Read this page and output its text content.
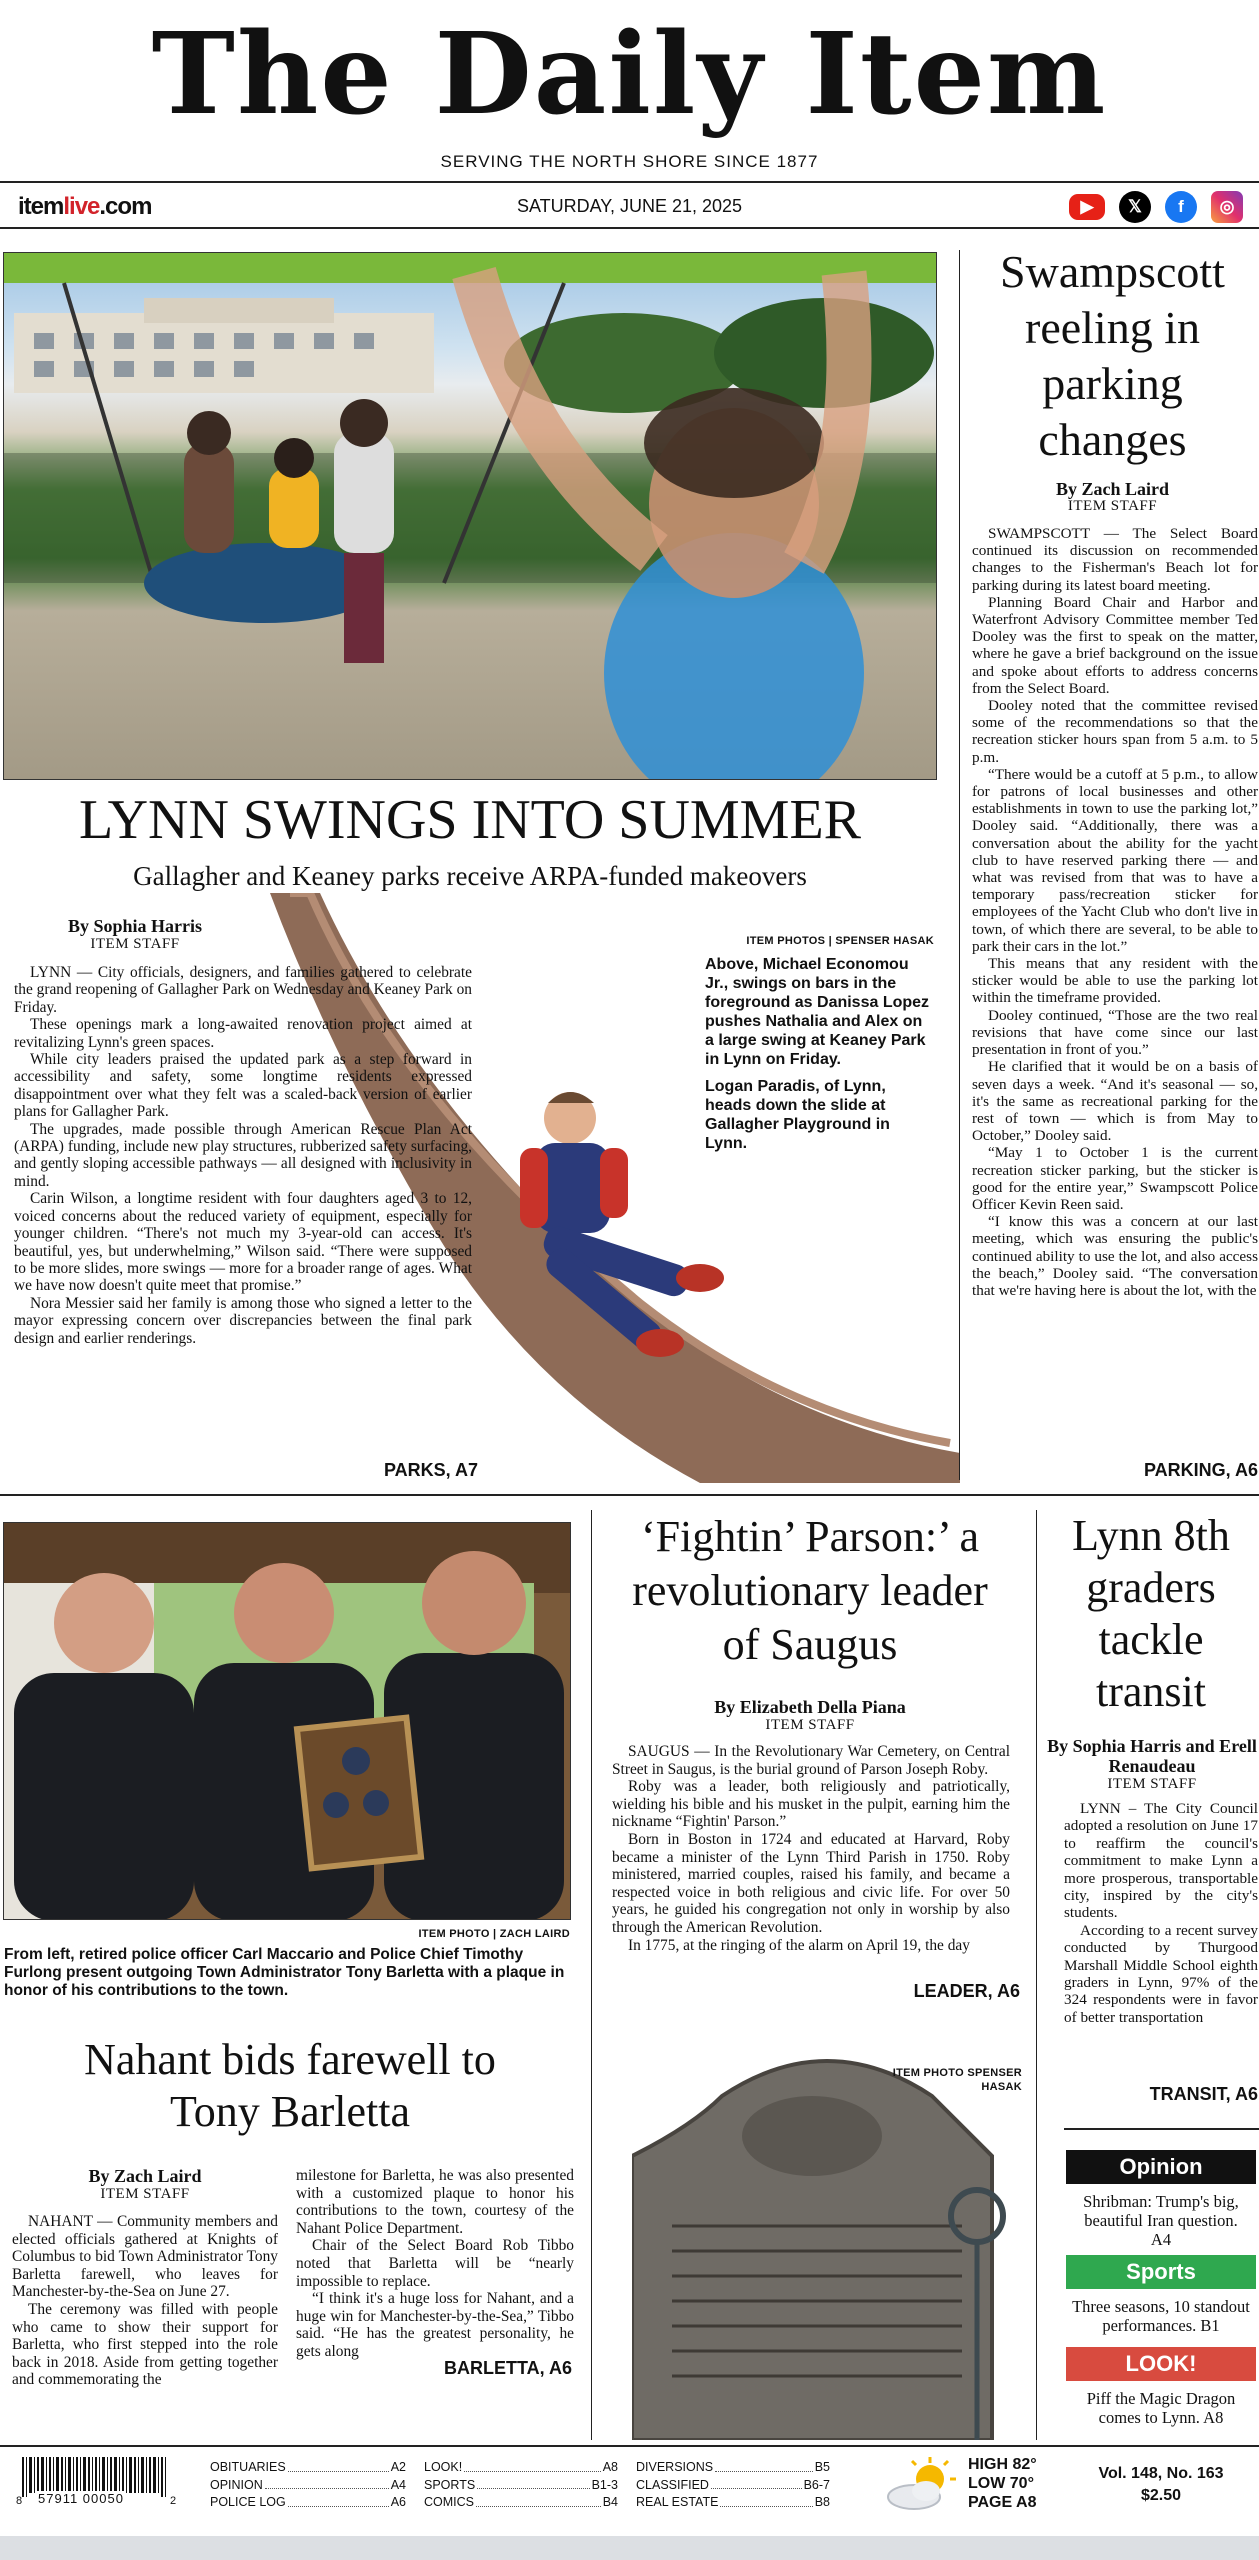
The Daily Item
SERVING THE NORTH SHORE SINCE 1877
itemlive.com	SATURDAY, JUNE 21, 2025	▶	𝕏	f	◎
LYNN SWINGS INTO SUMMER
Gallagher and Keaney parks receive ARPA-funded makeovers
By Sophia Harris
ITEM STAFF

LYNN — City officials, designers, and families gathered to celebrate the grand reopening of Gallagher Park on Wednesday and Keaney Park on Friday.

These openings mark a long-awaited renovation project aimed at revitalizing Lynn's green spaces.

While city leaders praised the updated park as a step forward in accessibility and safety, some longtime residents expressed disappointment over what they felt was a scaled-back version of earlier plans for Gallagher Park.

The upgrades, made possible through American Rescue Plan Act (ARPA) funding, include new play structures, rubberized safety surfacing, and gently sloping accessible pathways — all designed with inclusivity in mind.

Carin Wilson, a longtime resident with four daughters aged 3 to 12, voiced concerns about the reduced variety of equipment, especially for younger children. “There's not much my 3-year-old can access. It's beautiful, yes, but underwhelming,” Wilson said. “There were supposed to be more slides, more swings — more for a broader range of ages. What we have now doesn't quite meet that promise.”

Nora Messier said her family is among those who signed a letter to the mayor expressing concern over discrepancies between the final park design and earlier renderings.

ITEM PHOTOS | SPENSER HASAK
Above, Michael Economou Jr., swings on bars in the foreground as Danissa Lopez pushes Nathalia and Alex on a large swing at Keaney Park in Lynn on Friday.
Logan Paradis, of Lynn, heads down the slide at Gallagher Playground in Lynn.
PARKS, A7
Swampscott reeling in parking changes
By Zach Laird
ITEM STAFF

SWAMPSCOTT — The Select Board continued its discussion on recommended changes to the Fisherman's Beach lot for parking during its latest board meeting.

Planning Board Chair and Harbor and Waterfront Advisory Committee member Ted Dooley was the first to speak on the matter, where he gave a brief background on the issue and spoke about efforts to address concerns from the Select Board.

Dooley noted that the committee revised some of the recommendations so that the recreation sticker hours span from 5 a.m. to 5 p.m.

“There would be a cutoff at 5 p.m., to allow for patrons of local businesses and other establishments in town to use the parking lot,” Dooley said. “Additionally, there was a conversation about the ability for the yacht club to have reserved parking there — and what was revised from that was to have a temporary pass/recreation sticker for employees of the Yacht Club who don't live in town, of which there are several, to be able to park their cars in the lot.”

This means that any resident with the sticker would be able to use the parking lot within the timeframe provided.

Dooley continued, “Those are the two real revisions that have come since our last presentation in front of you.”

He clarified that it would be on a basis of seven days a week. “And it's seasonal — so, it's the same as recreational parking for the rest of town — which is from May to October,” Dooley said.

“May 1 to October 1 is the current recreation sticker parking, but the sticker is good for the entire year,” Swampscott Police Officer Kevin Reen said.

“I know this was a concern at our last meeting, which was ensuring the public's continued ability to use the lot, and also access the beach,” Dooley said. “The conversation that we're having here is about the lot, with the

PARKING, A6
ITEM PHOTO | ZACH LAIRD
From left, retired police officer Carl Maccario and Police Chief Timothy Furlong present outgoing Town Administrator Tony Barletta with a plaque in honor of his contributions to the town.
Nahant bids farewell to Tony Barletta
By Zach Laird
ITEM STAFF

NAHANT — Community members and elected officials gathered at Knights of Columbus to bid Town Administrator Tony Barletta farewell, who leaves for Manchester-by-the-Sea on June 27.

The ceremony was filled with people who came to show their support for Barletta, who first stepped into the role back in 2018. Aside from getting together and commemorating the

milestone for Barletta, he was also presented with a customized plaque to honor his contributions to the town, courtesy of the Nahant Police Department.

Chair of the Select Board Rob Tibbo noted that Barletta will be “nearly impossible to replace.

“I think it's a huge loss for Nahant, and a huge win for Manchester-by-the-Sea,” Tibbo said. “He has the greatest personality, he gets along

BARLETTA, A6
‘Fightin’ Parson:’ a revolutionary leader of Saugus
By Elizabeth Della Piana
ITEM STAFF

SAUGUS — In the Revolutionary War Cemetery, on Central Street in Saugus, is the burial ground of Parson Joseph Roby.

Roby was a leader, both religiously and patriotically, wielding his bible and his musket in the pulpit, earning him the nickname “Fightin' Parson.”

Born in Boston in 1724 and educated at Harvard, Roby became a minister of the Lynn Third Parish in 1750. Roby ministered, married couples, raised his family, and became a respected voice in both religious and civic life. For over 50 years, he guided his congregation not only in worship by also through the American Revolution.

In 1775, at the ringing of the alarm on April 19, the day

LEADER, A6
ITEM PHOTO SPENSER HASAK
Lynn 8th graders tackle transit
By Sophia Harris and Erell Renaudeau
ITEM STAFF

LYNN – The City Council adopted a resolution on June 17 to reaffirm the council's commitment to make Lynn a more prosperous, transportable city, inspired by the city's students.

According to a recent survey conducted by Thurgood Marshall Middle School eighth graders in Lynn, 97% of the 324 respondents were in favor of better transportation

TRANSIT, A6
Opinion
Shribman: Trump's big, beautiful Iran question.
A4
Sports
Three seasons, 10 standout performances. B1
LOOK!
Piff the Magic Dragon comes to Lynn. A8
8 57911 00050	2
OBITUARIES	A2
OPINION	A4
POLICE LOG	A6
LOOK!	A8
SPORTS	B1-3
COMICS	B4
DIVERSIONS	B5
CLASSIFIED	B6-7
REAL ESTATE	B8
HIGH 82°
LOW 70°
PAGE A8
Vol. 148, No. 163
$2.50
